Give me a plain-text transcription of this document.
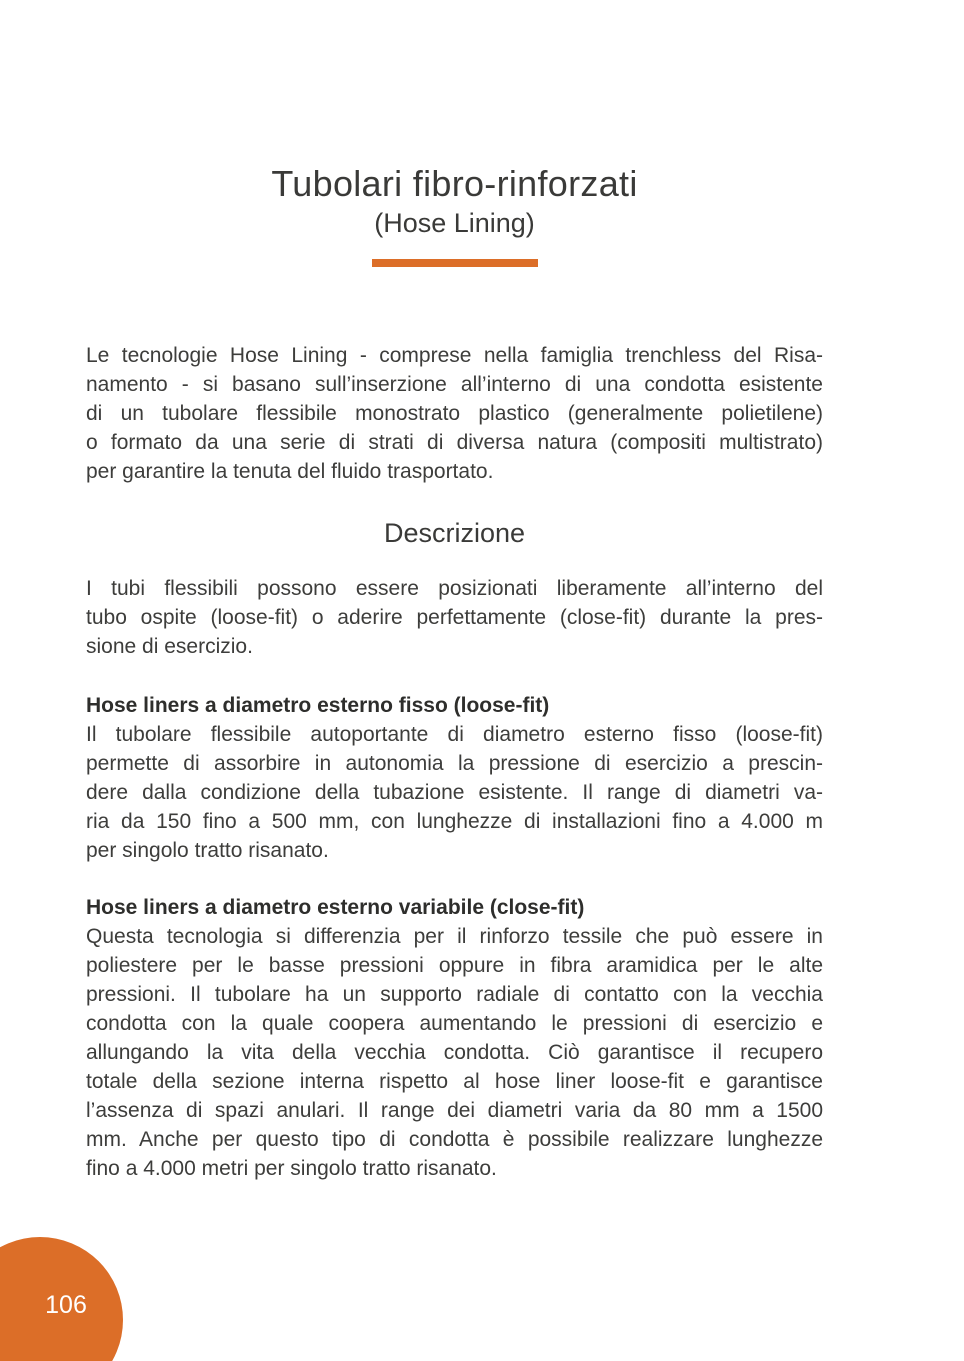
Tubolari fibro-rinforzati
(Hose Lining)
Le tecnologie Hose Lining - comprese nella famiglia trenchless del Risa-
namento - si basano sull’inserzione all’interno di una condotta esistente
di un tubolare flessibile monostrato plastico (generalmente polietilene)
o formato da una serie di strati di diversa natura (compositi multistrato)
per garantire la tenuta del fluido trasportato.
Descrizione
I tubi flessibili possono essere posizionati liberamente all’interno del
tubo ospite (loose-fit) o aderire perfettamente (close-fit) durante la pres-
sione di esercizio.
Hose liners a diametro esterno fisso (loose-fit)
Il tubolare flessibile autoportante di diametro esterno fisso (loose-fit)
permette di assorbire in autonomia la pressione di esercizio a prescin-
dere dalla condizione della tubazione esistente. Il range di diametri va-
ria da 150 fino a 500 mm, con lunghezze di installazioni fino a 4.000 m
per singolo tratto risanato.
Hose liners a diametro esterno variabile (close-fit)
Questa tecnologia si differenzia per il rinforzo tessile che può essere in
poliestere per le basse pressioni oppure in fibra aramidica per le alte
pressioni. Il tubolare ha un supporto radiale di contatto con la vecchia
condotta con la quale coopera aumentando le pressioni di esercizio e
allungando la vita della vecchia condotta. Ciò garantisce il recupero
totale della sezione interna rispetto al hose liner loose-fit e garantisce
l’assenza di spazi anulari. Il range dei diametri varia da 80 mm a 1500
mm. Anche per questo tipo di condotta è possibile realizzare lunghezze
fino a 4.000 metri per singolo tratto risanato.
106
